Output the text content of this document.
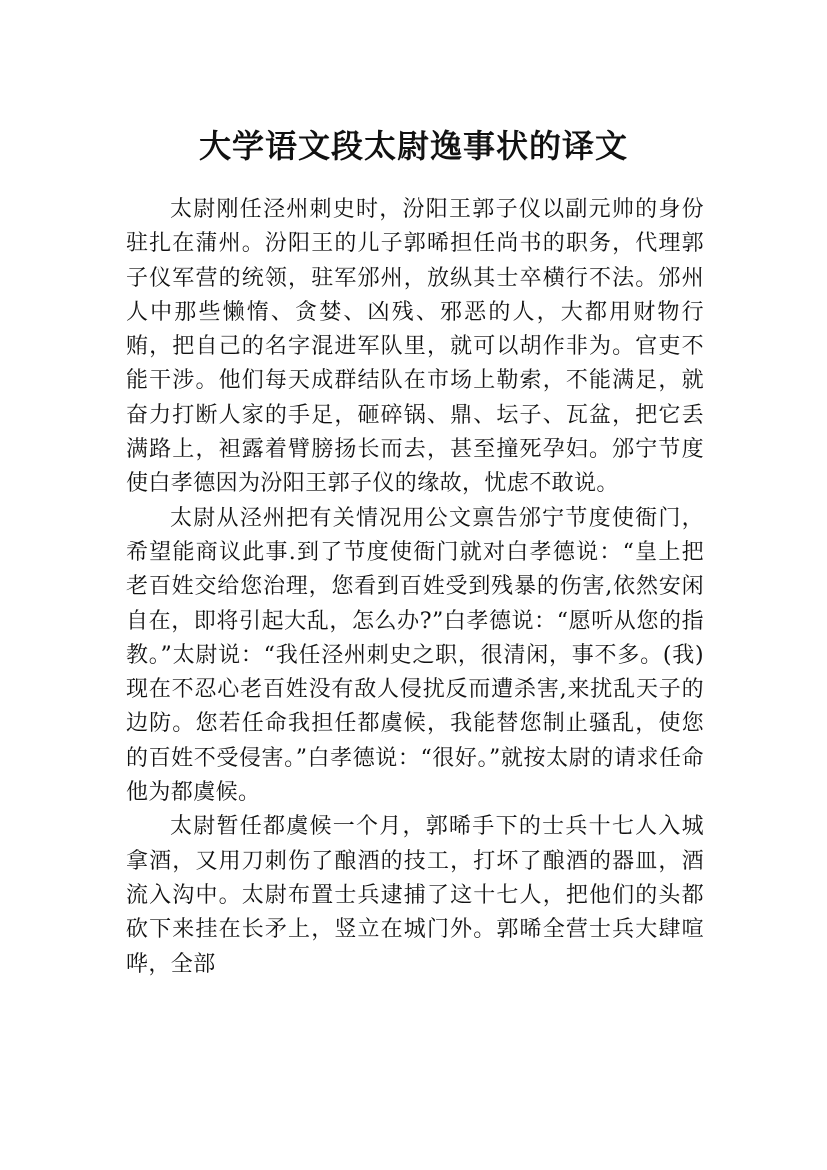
大学语文段太尉逸事状的译文

太尉刚任泾州刺史时，汾阳王郭子仪以副元帅的身份驻扎在蒲州。汾阳王的儿子郭晞担任尚书的职务，代理郭子仪军营的统领，驻军邠州，放纵其士卒横行不法。邠州人中那些懒惰、贪婪、凶残、邪恶的人，大都用财物行贿，把自己的名字混进军队里，就可以胡作非为。官吏不能干涉。他们每天成群结队在市场上勒索，不能满足，就奋力打断人家的手足，砸碎锅、鼎、坛子、瓦盆，把它丢满路上，袒露着臂膀扬长而去，甚至撞死孕妇。邠宁节度使白孝德因为汾阳王郭子仪的缘故，忧虑不敢说。

太尉从泾州把有关情况用公文禀告邠宁节度使衙门，希望能商议此事.到了节度使衙门就对白孝德说：“皇上把老百姓交给您治理，您看到百姓受到残暴的伤害,依然安闲自在，即将引起大乱，怎么办?”白孝德说：“愿听从您的指教。”太尉说：“我任泾州刺史之职，很清闲，事不多。(我)现在不忍心老百姓没有敌人侵扰反而遭杀害,来扰乱天子的边防。您若任命我担任都虞候，我能替您制止骚乱，使您的百姓不受侵害。”白孝德说：“很好。”就按太尉的请求任命他为都虞候。

太尉暂任都虞候一个月，郭晞手下的士兵十七人入城拿酒，又用刀刺伤了酿酒的技工，打坏了酿酒的器皿，酒流入沟中。太尉布置士兵逮捕了这十七人，把他们的头都砍下来挂在长矛上，竖立在城门外。郭晞全营士兵大肆喧哗，全部
